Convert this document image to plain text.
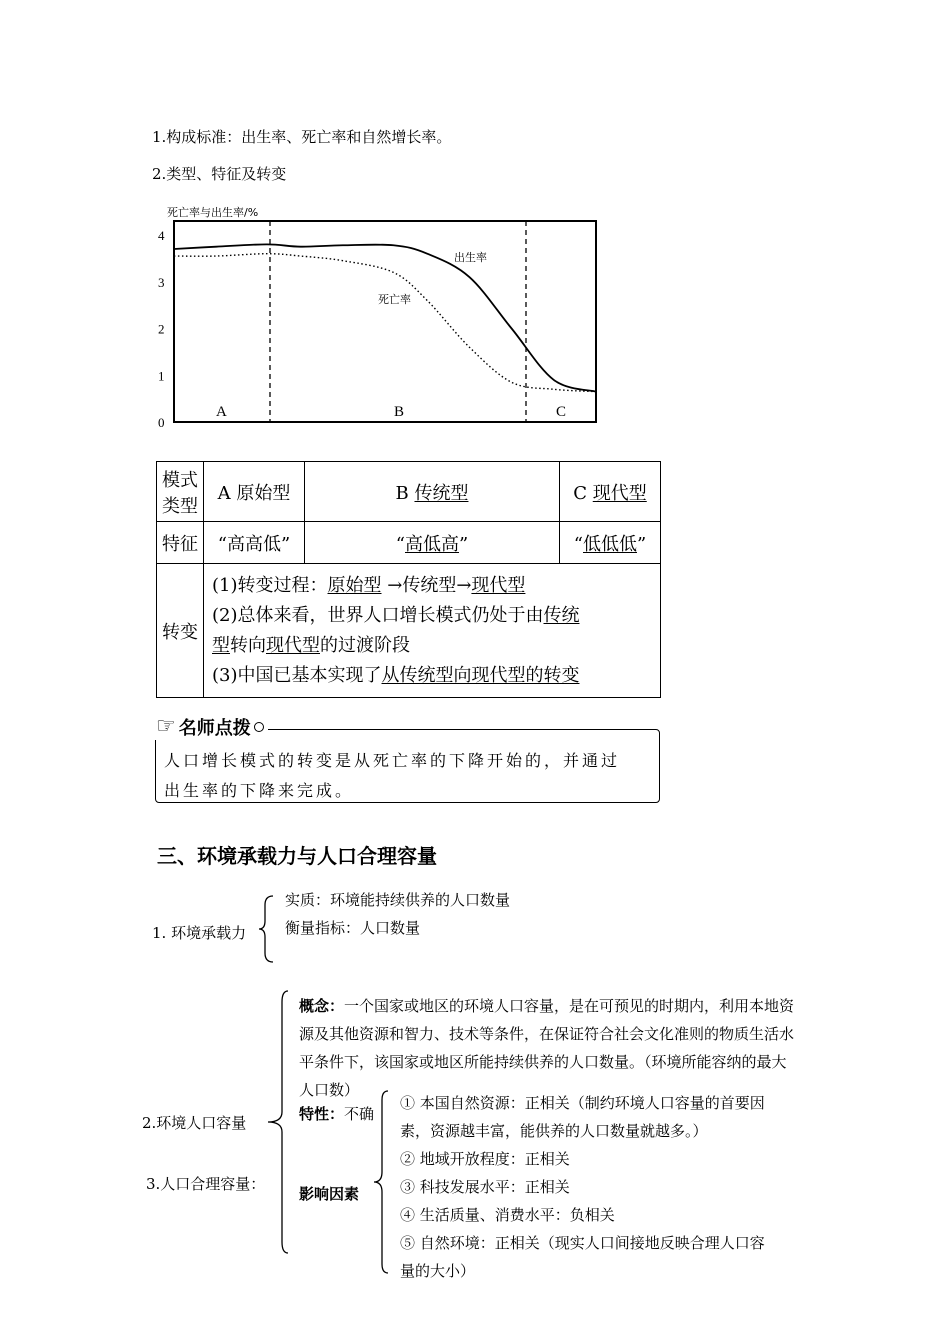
1.构成标准：出生率、死亡率和自然增长率。
2.类型、特征及转变
死亡率与出生率/%
0
1
2
3
4
出生率
死亡率
A	B	C
模式
类型	A 原始型	B 传统型	C 现代型
特征	“高高低”	“高低高”	“低低低”
转变	(1)转变过程：原始型 →传统型→现代型
(2)总体来看，世界人口增长模式仍处于由传统
型转向现代型的过渡阶段
(3)中国已基本实现了从传统型向现代型的转变		
☞ 名师点拨
人口增长模式的转变是从死亡率的下降开始的，并通过
出生率的下降来完成。
三、环境承载力与人口合理容量
1. 环境承载力
实质：环境能持续供养的人口数量
衡量指标：人口数量
2.环境人口容量
3.人口合理容量：
概念：一个国家或地区的环境人口容量，是在可预见的时期内，利用本地资
源及其他资源和智力、技术等条件，在保证符合社会文化准则的物质生活水
平条件下，该国家或地区所能持续供养的人口数量。（环境所能容纳的最大
人口数）
特性：不确
影响因素
① 本国自然资源：正相关（制约环境人口容量的首要因
素，资源越丰富，能供养的人口数量就越多。）
② 地域开放程度：正相关
③ 科技发展水平：正相关
④ 生活质量、消费水平：负相关
⑤ 自然环境：正相关（现实人口间接地反映合理人口容
量的大小）
